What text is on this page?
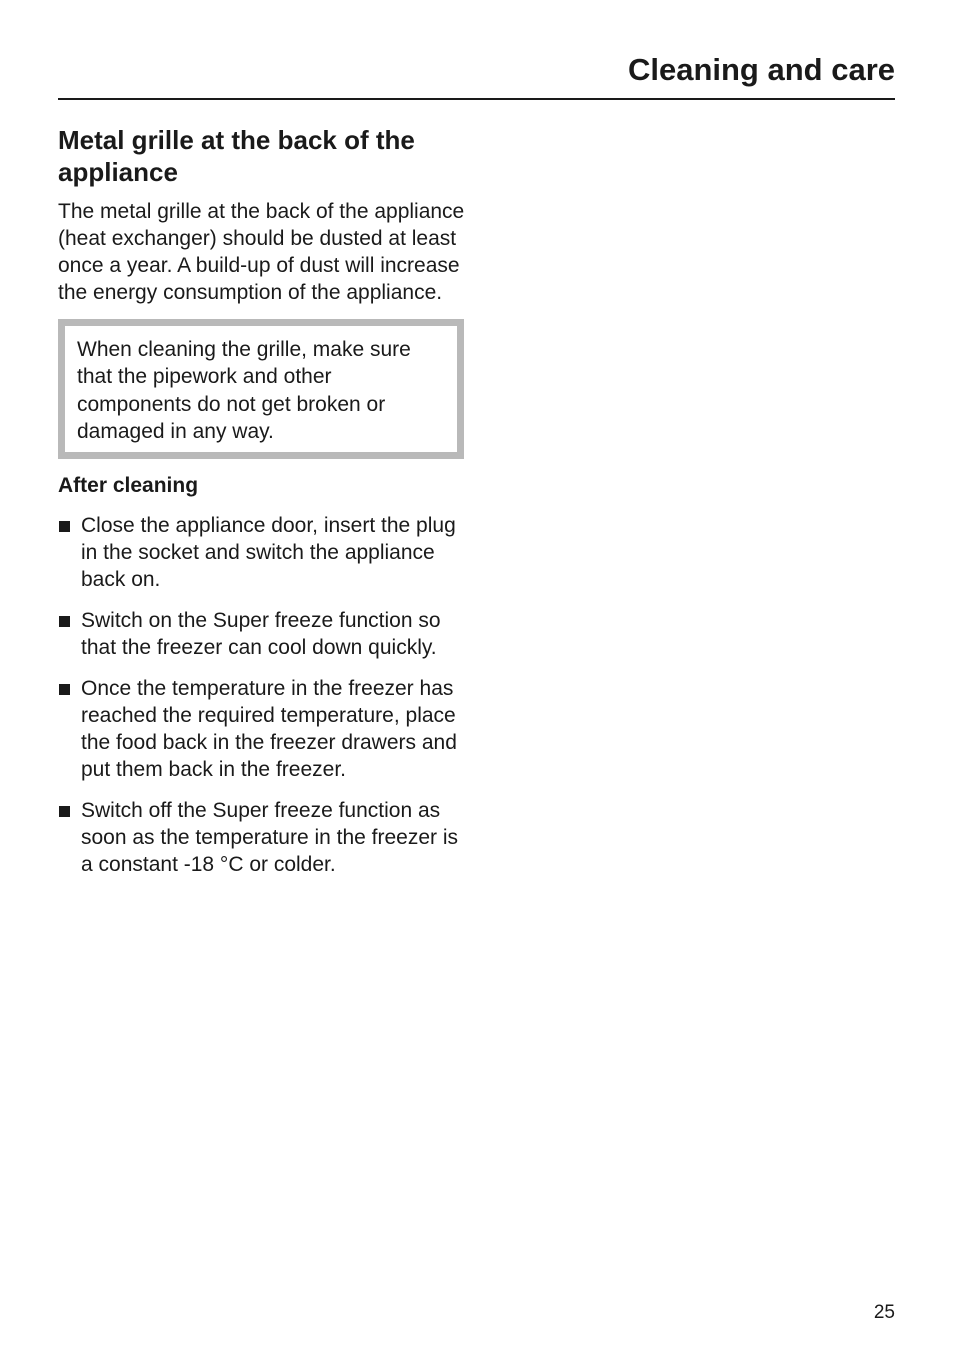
Cleaning and care
Metal grille at the back of the appliance

The metal grille at the back of the appliance (heat exchanger) should be dusted at least once a year. A build-up of dust will increase the energy consumption of the appliance.

When cleaning the grille, make sure that the pipework and other components do not get broken or damaged in any way.
After cleaning
Close the appliance door, insert the plug in the socket and switch the appliance back on.
Switch on the Super freeze function so that the freezer can cool down quickly.
Once the temperature in the freezer has reached the required temperature, place the food back in the freezer drawers and put them back in the freezer.
Switch off the Super freeze function as soon as the temperature in the freezer is a constant -18 °C or colder.

25
